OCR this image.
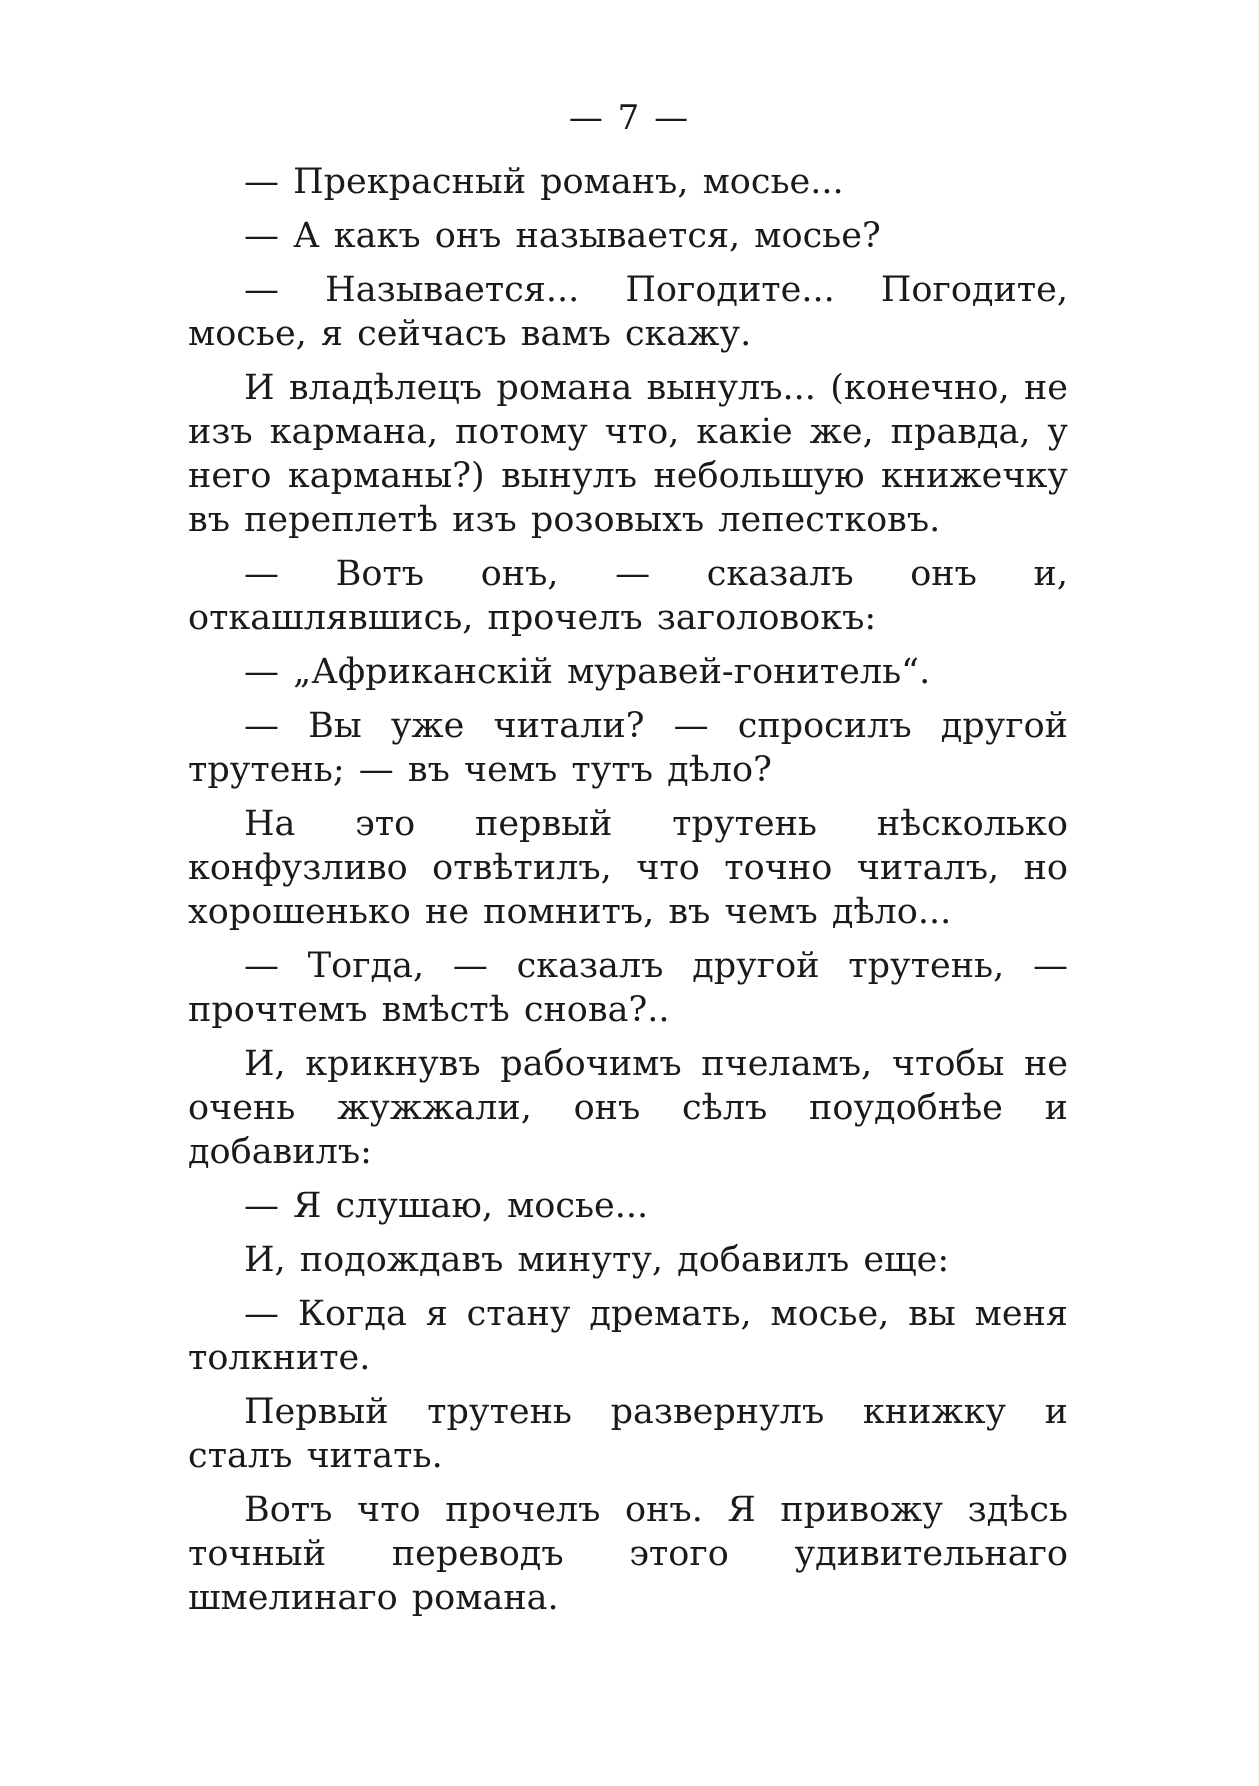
— 7 —

— Прекрасный романъ, мосье...

— А какъ онъ называется, мосье?

— Называется... Погодите... Погодите, мосье, я сейчасъ вамъ скажу.

И владѣлецъ романа вынулъ... (конечно, не изъ кармана, потому что, какіе же, правда, у него карманы?) вынулъ небольшую книжечку въ переплетѣ изъ розовыхъ лепестковъ.

— Вотъ онъ, — сказалъ онъ и, откашлявшись, прочелъ заголовокъ:

— „Африканскій муравей-гонитель“.

— Вы уже читали? — спросилъ другой трутень; — въ чемъ тутъ дѣло?

На это первый трутень нѣсколько конфузливо отвѣтилъ, что точно читалъ, но хорошенько не помнитъ, въ чемъ дѣло...

— Тогда, — сказалъ другой трутень, — прочтемъ вмѣстѣ снова?..

И, крикнувъ рабочимъ пчеламъ, чтобы не очень жужжали, онъ сѣлъ поудобнѣе и добавилъ:

— Я слушаю, мосье...

И, подождавъ минуту, добавилъ еще:

— Когда я стану дремать, мосье, вы меня толкните.

Первый трутень развернулъ книжку и сталъ читать.

Вотъ что прочелъ онъ. Я привожу здѣсь точный переводъ этого удивительнаго шмелинаго романа.
